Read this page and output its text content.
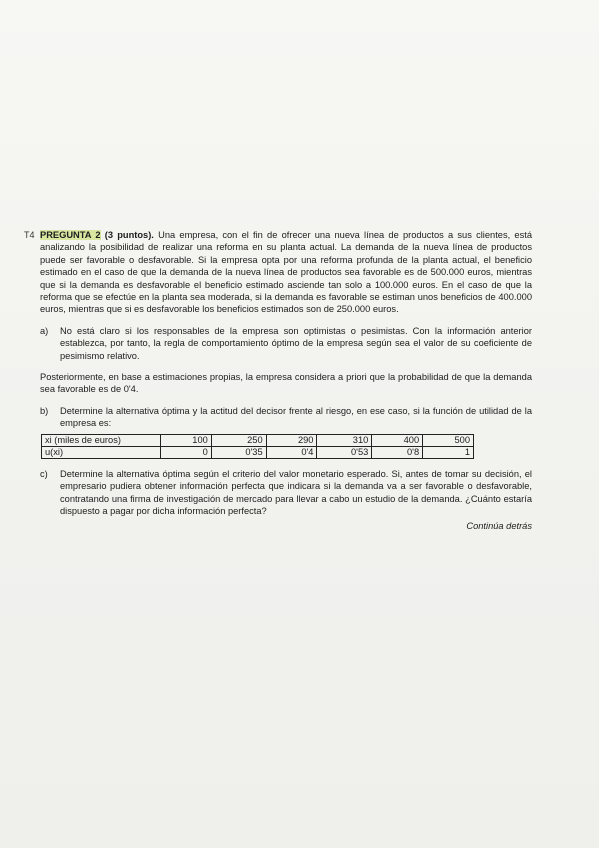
T4 PREGUNTA 2 (3 puntos). Una empresa, con el fin de ofrecer una nueva línea de productos a sus clientes, está analizando la posibilidad de realizar una reforma en su planta actual. La demanda de la nueva línea de productos puede ser favorable o desfavorable. Si la empresa opta por una reforma profunda de la planta actual, el beneficio estimado en el caso de que la demanda de la nueva línea de productos sea favorable es de 500.000 euros, mientras que si la demanda es desfavorable el beneficio estimado asciende tan solo a 100.000 euros. En el caso de que la reforma que se efectúe en la planta sea moderada, si la demanda es favorable se estiman unos beneficios de 400.000 euros, mientras que si es desfavorable los beneficios estimados son de 250.000 euros.

a) No está claro si los responsables de la empresa son optimistas o pesimistas. Con la información anterior establezca, por tanto, la regla de comportamiento óptimo de la empresa según sea el valor de su coeficiente de pesimismo relativo.

Posteriormente, en base a estimaciones propias, la empresa considera a priori que la probabilidad de que la demanda sea favorable es de 0'4.

b) Determine la alternativa óptima y la actitud del decisor frente al riesgo, en ese caso, si la función de utilidad de la empresa es:

xi (miles de euros)	100	250	290	310	400	500
u(xi)	0	0'35	0'4	0'53	0'8	1
c) Determine la alternativa óptima según el criterio del valor monetario esperado. Si, antes de tomar su decisión, el empresario pudiera obtener información perfecta que indicara si la demanda va a ser favorable o desfavorable, contratando una firma de investigación de mercado para llevar a cabo un estudio de la demanda. ¿Cuánto estaría dispuesto a pagar por dicha información perfecta?

Continúa detrás
